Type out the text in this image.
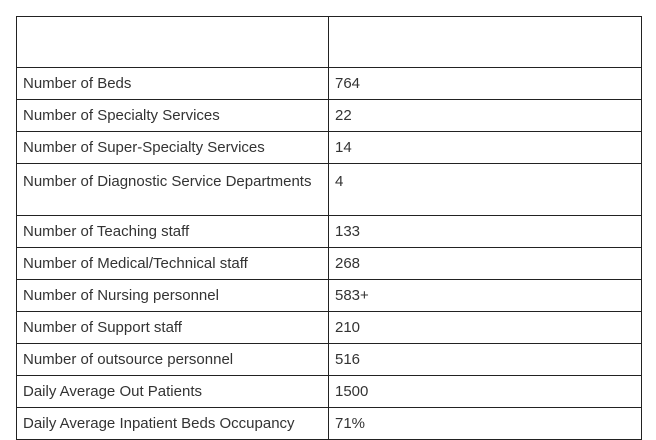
Number of Beds	764
Number of Specialty Services	22
Number of Super-Specialty Services	14
Number of Diagnostic Service Departments	4
Number of Teaching staff	133
Number of Medical/Technical staff	268
Number of Nursing personnel	583+
Number of Support staff	210
Number of outsource personnel	516
Daily Average Out Patients	1500
Daily Average Inpatient Beds Occupancy	71%
